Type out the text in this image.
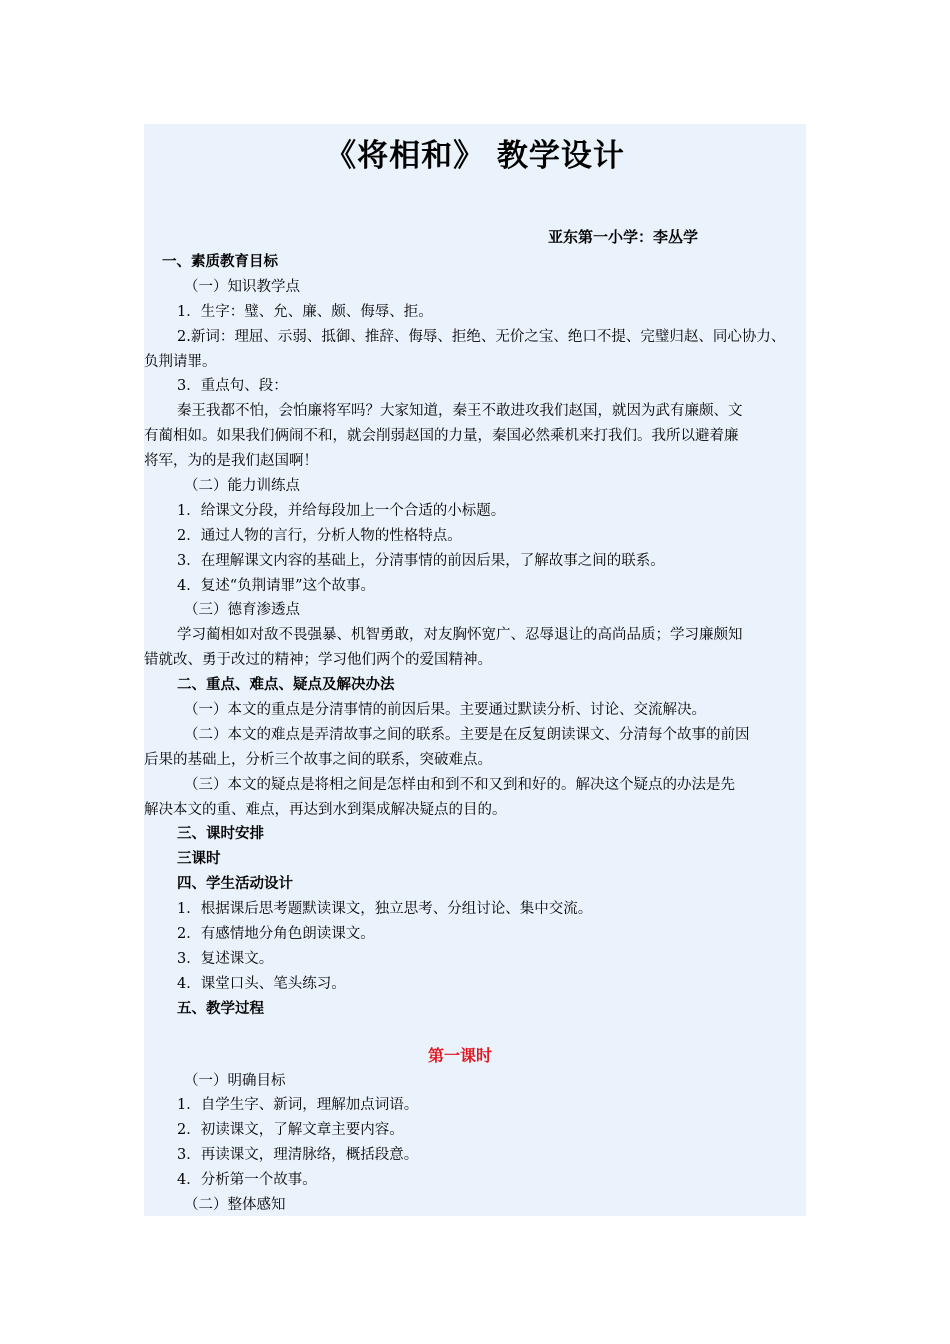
《将相和》 教学设计
亚东第一小学：李丛学
一、素质教育目标
（一）知识教学点
1．生字：璧、允、廉、颇、侮辱、拒。
2.新词：理屈、示弱、抵御、推辞、侮辱、拒绝、无价之宝、绝口不提、完璧归赵、同心协力、
负荆请罪。
3．重点句、段：
秦王我都不怕，会怕廉将军吗？大家知道，秦王不敢进攻我们赵国，就因为武有廉颇、文
有蔺相如。如果我们俩闹不和，就会削弱赵国的力量，秦国必然乘机来打我们。我所以避着廉
将军，为的是我们赵国啊！
（二）能力训练点
1．给课文分段，并给每段加上一个合适的小标题。
2．通过人物的言行，分析人物的性格特点。
3．在理解课文内容的基础上，分清事情的前因后果，了解故事之间的联系。
4．复述“负荆请罪”这个故事。
（三）德育渗透点
学习蔺相如对敌不畏强暴、机智勇敢，对友胸怀宽广、忍辱退让的高尚品质；学习廉颇知
错就改、勇于改过的精神；学习他们两个的爱国精神。
二、重点、难点、疑点及解决办法
（一）本文的重点是分清事情的前因后果。主要通过默读分析、讨论、交流解决。
（二）本文的难点是弄清故事之间的联系。主要是在反复朗读课文、分清每个故事的前因
后果的基础上，分析三个故事之间的联系，突破难点。
（三）本文的疑点是将相之间是怎样由和到不和又到和好的。解决这个疑点的办法是先
解决本文的重、难点，再达到水到渠成解决疑点的目的。
三、课时安排
三课时
四、学生活动设计
1．根据课后思考题默读课文，独立思考、分组讨论、集中交流。
2．有感情地分角色朗读课文。
3．复述课文。
4．课堂口头、笔头练习。
五、教学过程
第一课时
（一）明确目标
1．自学生字、新词，理解加点词语。
2．初读课文，了解文章主要内容。
3．再读课文，理清脉络，概括段意。
4．分析第一个故事。
（二）整体感知
